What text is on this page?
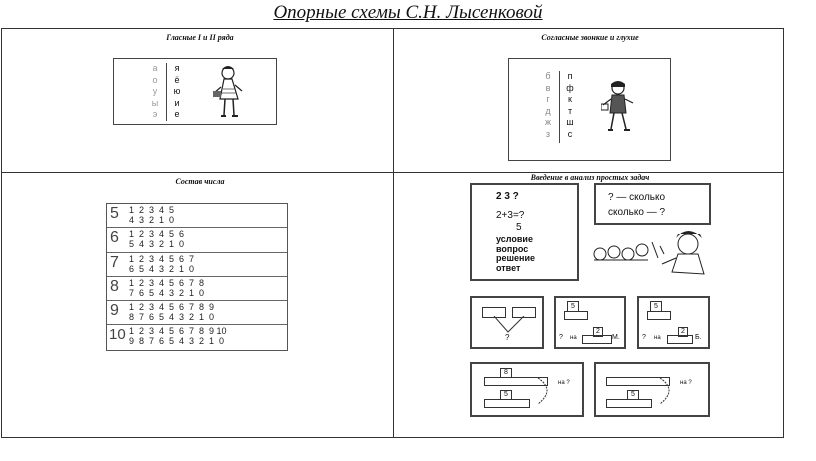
Опорные схемы С.Н. Лысенковой
Гласные I и II ряда
а
о
у
ы
э
я
ё
ю
и
е
Согласные звонкие и глухие
б
в
г
д
ж
з
п
ф
к
т
ш
с
Состав числа
5 1  2  3  4  5
4  3  2  1  0
6 1  2  3  4  5  6
5  4  3  2  1  0
7 1  2  3  4  5  6  7
6  5  4  3  2  1  0
8 1  2  3  4  5  6  7  8
7  6  5  4  3  2  1  0
9 1  2  3  4  5  6  7  8  9
8  7  6  5  4  3  2  1  0
10 1  2  3  4  5  6  7  8  9 10
9  8  7  6  5  4  3  2  1  0
Введение в анализ простых задач
2 3 ?
2+3=?
5
условие
вопрос
решение
ответ
? — сколько
сколько — ?
?
5
2
? на	М.
5
2
? на	Б.
8
5
на ?
5
на ?
